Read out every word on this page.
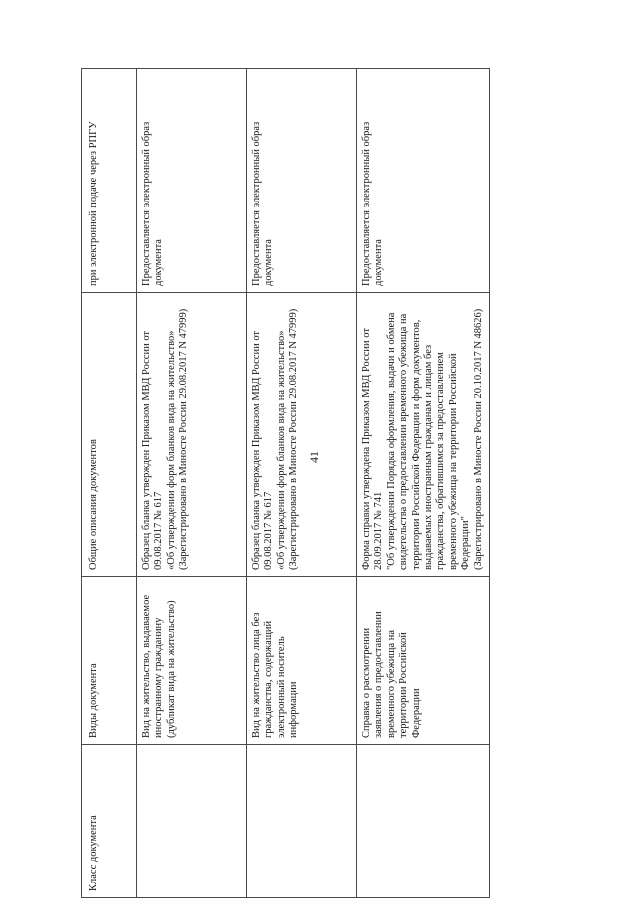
41
Класс документа	Виды документа	Общие описания документов	при электронной подаче через РПГУ
	Вид на жительство, выдаваемое иностранному гражданину (дубликат вида на жительство)	Образец бланка утвержден Приказом МВД России от 09.08.2017 № 617
«Об утверждении форм бланков вида на жительство»
(Зарегистрировано в Миносте России 29.08.2017 N 47999)	Предоставляется электронный образ документа
	Вид на жительство лица без гражданства, содержащий электронный носитель информации	Образец бланка утвержден Приказом МВД России от 09.08.2017 № 617
«Об утверждении форм бланков вида на жительство»
(Зарегистрировано в Миносте России 29.08.2017 N 47999)	Предоставляется электронный образ документа
	Справка о рассмотрении заявления о предоставлении временного убежища на территории Российской Федерации	Форма справки утверждена Приказом МВД России от 28.09.2017 № 741
"Об утверждении Порядка оформления, выдачи и обмена свидетельства о предоставлении временного убежища на территории Российской Федерации и форм документов, выдаваемых иностранным гражданам и лицам без гражданства, обратившимся за предоставлением временного убежища на территории Российской Федерации"
(Зарегистрировано в Миносте России 20.10.2017 N 48626)	Предоставляется электронный образ документа
